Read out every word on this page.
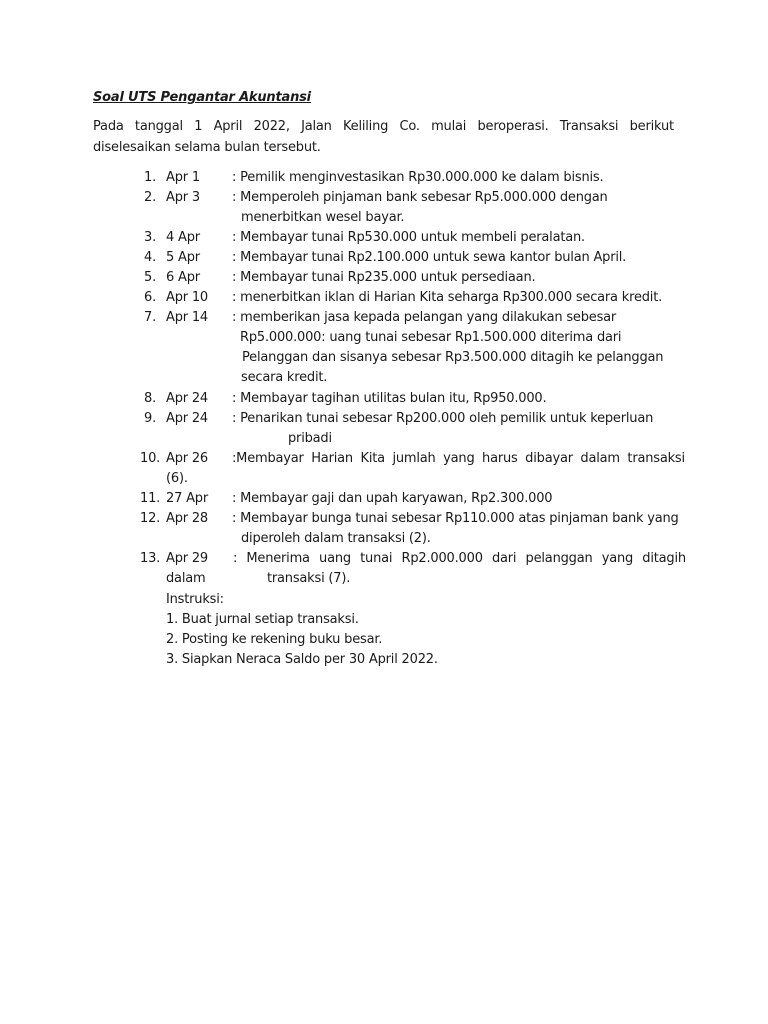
Soal UTS Pengantar Akuntansi
Pada tanggal 1 April 2022, Jalan Keliling Co. mulai beroperasi. Transaksi berikut
diselesaikan selama bulan tersebut.
1. Apr 1 : Pemilik menginvestasikan Rp30.000.000 ke dalam bisnis.
2. Apr 3 : Memperoleh pinjaman bank sebesar Rp5.000.000 dengan
menerbitkan wesel bayar.
3. 4 Apr : Membayar tunai Rp530.000 untuk membeli peralatan.
4. 5 Apr : Membayar tunai Rp2.100.000 untuk sewa kantor bulan April.
5. 6 Apr : Membayar tunai Rp235.000 untuk persediaan.
6. Apr 10 : menerbitkan iklan di Harian Kita seharga Rp300.000 secara kredit.
7. Apr 14 : memberikan jasa kepada pelangan yang dilakukan sebesar
Rp5.000.000: uang tunai sebesar Rp1.500.000 diterima dari
Pelanggan dan sisanya sebesar Rp3.500.000 ditagih ke pelanggan
secara kredit.
8. Apr 24 : Membayar tagihan utilitas bulan itu, Rp950.000.
9. Apr 24 : Penarikan tunai sebesar Rp200.000 oleh pemilik untuk keperluan
pribadi
10. Apr 26 :Membayar Harian Kita jumlah yang harus dibayar dalam transaksi
(6).
11. 27 Apr : Membayar gaji dan upah karyawan, Rp2.300.000
12. Apr 28 : Membayar bunga tunai sebesar Rp110.000 atas pinjaman bank yang
diperoleh dalam transaksi (2).
13. Apr 29 : Menerima uang tunai Rp2.000.000 dari pelanggan yang ditagih
dalam	transaksi (7).
Instruksi:
1. Buat jurnal setiap transaksi.
2. Posting ke rekening buku besar.
3. Siapkan Neraca Saldo per 30 April 2022.
